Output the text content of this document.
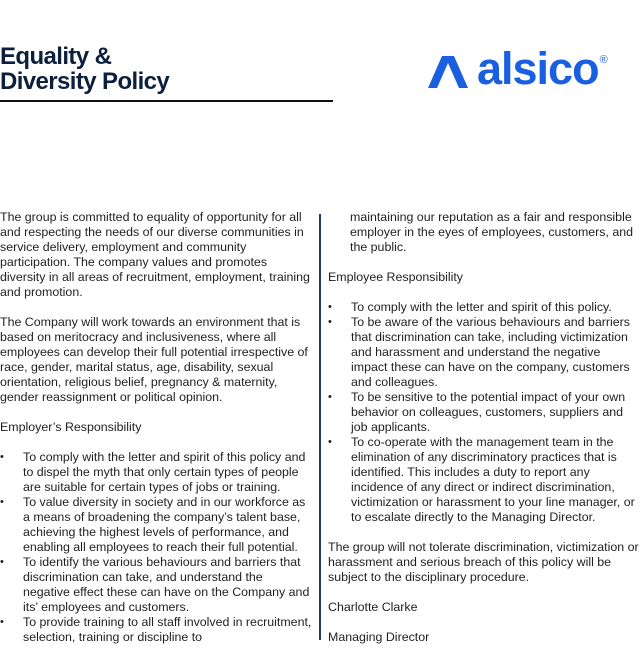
Equality &
Diversity Policy	alsico ®

The group is committed to equality of opportunity for all and respecting the needs of our diverse communities in service delivery, employment and community participation. The company values and promotes diversity in all areas of recruitment, employment, training and promotion.

The Company will work towards an environment that is based on meritocracy and inclusiveness, where all employees can develop their full potential irrespective of race, gender, marital status, age, disability, sexual orientation, religious belief, pregnancy & maternity, gender reassignment or political opinion.

Employer’s Responsibility

• To comply with the letter and spirit of this policy and to dispel the myth that only certain types of people are suitable for certain types of jobs or training.
• To value diversity in society and in our workforce as a means of broadening the company’s talent base, achieving the highest levels of performance, and enabling all employees to reach their full potential.
• To identify the various behaviours and barriers that discrimination can take, and understand the negative effect these can have on the Company and its’ employees and customers.
• To provide training to all staff involved in recruitment, selection, training or discipline to

maintaining our reputation as a fair and responsible employer in the eyes of employees, customers, and the public.

Employee Responsibility

• To comply with the letter and spirit of this policy.
• To be aware of the various behaviours and barriers that discrimination can take, including victimization and harassment and understand the negative impact these can have on the company, customers and colleagues.
• To be sensitive to the potential impact of your own behavior on colleagues, customers, suppliers and job applicants.
• To co-operate with the management team in the elimination of any discriminatory practices that is identified. This includes a duty to report any incidence of any direct or indirect discrimination, victimization or harassment to your line manager, or to escalate directly to the Managing Director.

The group will not tolerate discrimination, victimization or harassment and serious breach of this policy will be subject to the disciplinary procedure.

Charlotte Clarke

Managing Director
